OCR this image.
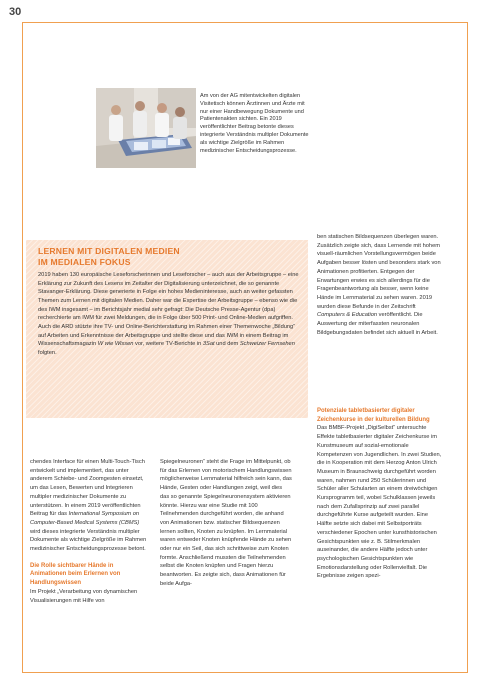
30
Am von der AG mitentwickelten digitalen Visitetisch können Ärztinnen und Ärzte mit nur einer Handbewegung Dokumente und Patientenakten sichten. Ein 2019 veröffentlichter Beitrag betonte dieses integrierte Verständnis multipler Dokumente als wichtige Zielgröße im Rahmen medizinischer Entscheidungsprozesse.
LERNEN MIT DIGITALEN MEDIEN
IM MEDIALEN FOKUS
2019 haben 130 europäische Leseforscherinnen und Leseforscher – auch aus der Arbeitsgruppe – eine Erklärung zur Zukunft des Lesens im Zeitalter der Digitalisierung unterzeichnet, die so genannte Stavanger-Erklärung. Diese generierte in Folge ein hohes Medieninteresse, auch an weiter gefassten Themen zum Lernen mit digitalen Medien. Daher war die Expertise der Arbeitsgruppe – ebenso wie die des IWM insgesamt – im Berichtsjahr medial sehr gefragt: Die Deutsche Presse-Agentur (dpa) recherchierte am IWM für zwei Meldungen, die in Folge über 500 Print- und Online-Medien aufgriffen. Auch die ARD stützte ihre TV- und Online-Berichterstattung im Rahmen einer Themenwoche „Bildung“ auf Arbeiten und Erkenntnisse der Arbeitsgruppe und stellte diese und das IWM in einem Beitrag im Wissenschaftsmagazin W wie Wissen vor, weitere TV-Berichte in 3Sat und dem Schweizer Fernsehen folgten.
ben statischen Bildsequenzen überlegen waren. Zusätzlich zeigte sich, dass Lernende mit hohem visuell-räumlichen Vorstellungsvermögen beide Aufgaben besser lösten und besonders stark von Animationen profitierten. Entgegen der Erwartungen erwies es sich allerdings für die Fragenbeantwortung als besser, wenn keine Hände im Lernmaterial zu sehen waren. 2019 wurden diese Befunde in der Zeitschrift Computers & Education veröffentlicht. Die Auswertung der miterfassten neuronalen Bildgebungsdaten befindet sich aktuell in Arbeit.
Potenziale tabletbasierter digitaler Zeichenkurse in der kulturellen Bildung
Das BMBF-Projekt „DigiSelbst“ untersuchte Effekte tabletbasierter digitaler Zeichenkurse im Kunstmuseum auf sozial-emotionale Kompetenzen von Jugendlichen. In zwei Studien, die in Kooperation mit dem Herzog Anton Ulrich Museum in Braunschweig durchgeführt worden waren, nahmen rund 250 Schülerinnen und Schüler aller Schularten an einem dreiwöchigen Kursprogramm teil, wobei Schulklassen jeweils nach dem Zufallsprinzip auf zwei parallel durchgeführte Kurse aufgeteilt wurden. Eine Hälfte setzte sich dabei mit Selbstporträts verschiedener Epochen unter kunsthistorischen Gesichtspunkten wie z. B. Stilmerkmalen auseinander, die andere Hälfte jedoch unter psychologischen Gesichtspunkten wie Emotionsdarstellung oder Rollenvielfalt. Die Ergebnisse zeigen spezi-
chendes Interface für einen Multi-Touch-Tisch entwickelt und implementiert, das unter anderem Schiebe- und Zoomgesten einsetzt, um das Lesen, Bewerten und Integrieren multipler medizinischer Dokumente zu unterstützen. In einem 2019 veröffentlichten Beitrag für das International Symposium on Computer-Based Medical Systems (CBMS) wird dieses integrierte Verständnis multipler Dokumente als wichtige Zielgröße im Rahmen medizinischer Entscheidungsprozesse betont.
Die Rolle sichtbarer Hände in Animationen beim Erlernen von Handlungswissen
Im Projekt „Verarbeitung von dynamischen Visualisierungen mit Hilfe von
Spiegelneuronen“ steht die Frage im Mittelpunkt, ob für das Erlernen von motorischem Handlungswissen möglicherweise Lernmaterial hilfreich sein kann, das Hände, Gesten oder Handlungen zeigt, weil dies das so genannte Spiegelneuronensystem aktivieren könnte. Hierzu war eine Studie mit 100 Teilnehmenden durchgeführt worden, die anhand von Animationen bzw. statischer Bildsequenzen lernen sollten, Knoten zu knüpfen. Im Lernmaterial waren entweder Knoten knüpfende Hände zu sehen oder nur ein Seil, das sich schrittweise zum Knoten formte. Anschließend mussten die Teilnehmenden selbst die Knoten knüpfen und Fragen hierzu beantworten. Es zeigte sich, dass Animationen für beide Aufga-
